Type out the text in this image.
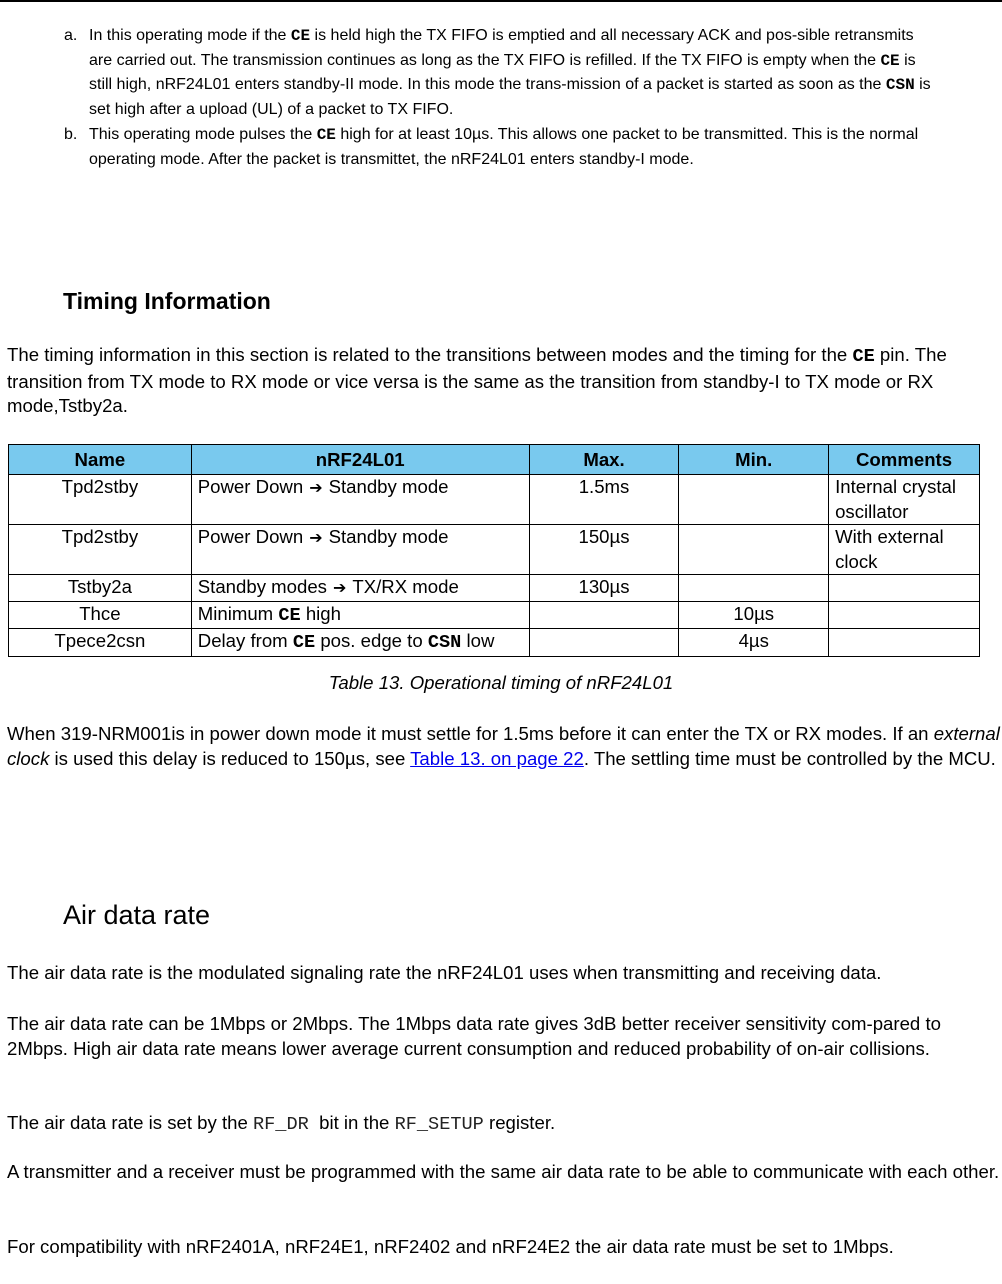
a. In this operating mode if the CE is held high the TX FIFO is emptied and all necessary ACK and pos-sible retransmits are carried out. The transmission continues as long as the TX FIFO is refilled. If the TX FIFO is empty when the CE is still high, nRF24L01 enters standby-II mode. In this mode the trans-mission of a packet is started as soon as the CSN is set high after a upload (UL) of a packet to TX FIFO.
b. This operating mode pulses the CE high for at least 10µs. This allows one packet to be transmitted. This is the normal operating mode. After the packet is transmittet, the nRF24L01 enters standby-I mode.
Timing Information

The timing information in this section is related to the transitions between modes and the timing for the CE pin. The transition from TX mode to RX mode or vice versa is the same as the transition from standby-I to TX mode or RX mode,Tstby2a.

Name	nRF24L01	Max.	Min.	Comments
Tpd2stby	Power Down ➔ Standby mode	1.5ms		Internal crystal oscillator
Tpd2stby	Power Down ➔ Standby mode	150µs		With external clock
Tstby2a	Standby modes ➔ TX/RX mode	130µs		
Thce	Minimum CE high		10µs	
Tpece2csn	Delay from CE pos. edge to CSN low		4µs	
Table 13. Operational timing of nRF24L01

When 319-NRM001is in power down mode it must settle for 1.5ms before it can enter the TX or RX modes. If an external clock is used this delay is reduced to 150µs, see Table 13. on page 22. The settling time must be controlled by the MCU.

Air data rate

The air data rate is the modulated signaling rate the nRF24L01 uses when transmitting and receiving data.

The air data rate can be 1Mbps or 2Mbps. The 1Mbps data rate gives 3dB better receiver sensitivity com-pared to 2Mbps. High air data rate means lower average current consumption and reduced probability of on-air collisions.

The air data rate is set by the RF_DR  bit in the RF_SETUP register.

A transmitter and a receiver must be programmed with the same air data rate to be able to communicate with each other.

For compatibility with nRF2401A, nRF24E1, nRF2402 and nRF24E2 the air data rate must be set to 1Mbps.
